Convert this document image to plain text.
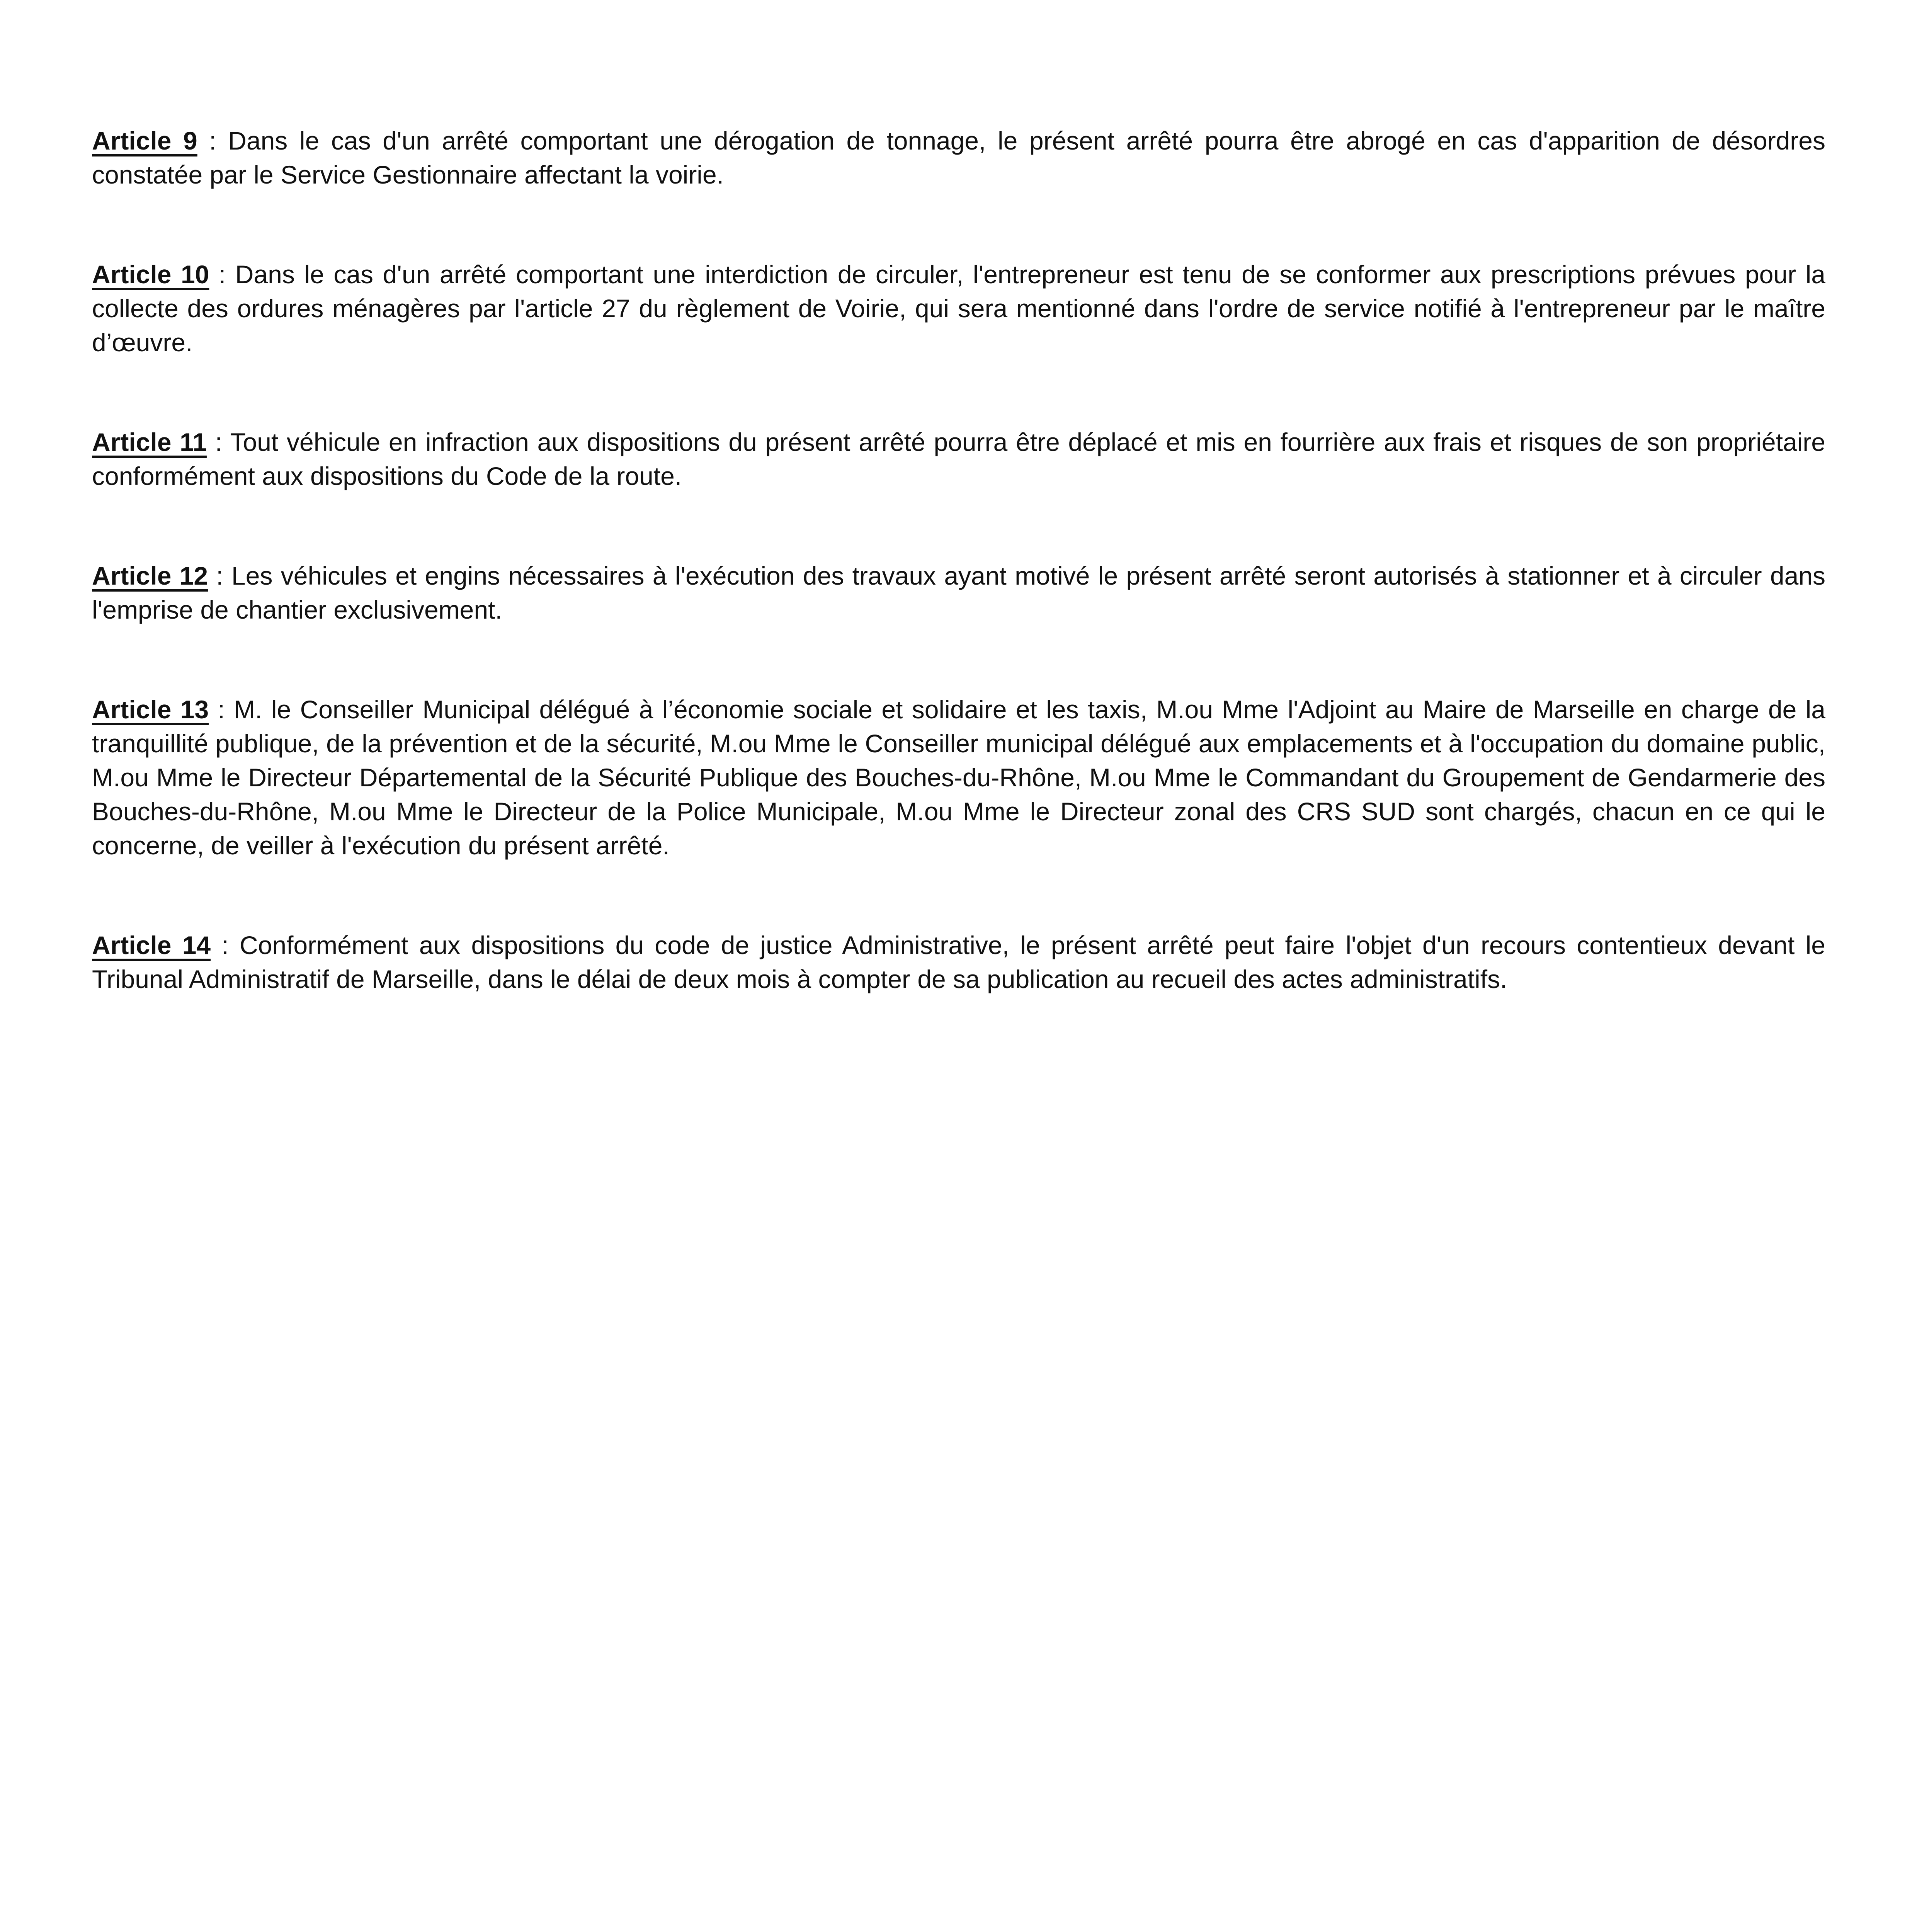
Article 9 : Dans le cas d'un arrêté comportant une dérogation de tonnage, le présent arrêté pourra être abrogé en cas d'apparition de désordres constatée par le Service Gestionnaire affectant la voirie.

Article 10 : Dans le cas d'un arrêté comportant une interdiction de circuler, l'entrepreneur est tenu de se conformer aux prescriptions prévues pour la collecte des ordures ménagères par l'article 27 du règlement de Voirie, qui sera mentionné dans l'ordre de service notifié à l'entrepreneur par le maître d’œuvre.

Article 11 : Tout véhicule en infraction aux dispositions du présent arrêté pourra être déplacé et mis en fourrière aux frais et risques de son propriétaire conformément aux dispositions du Code de la route.

Article 12 : Les véhicules et engins nécessaires à l'exécution des travaux ayant motivé le présent arrêté seront autorisés à stationner et à circuler dans l'emprise de chantier exclusivement.

Article 13 : M. le Conseiller Municipal délégué à l’économie sociale et solidaire et les taxis, M.ou Mme l'Adjoint au Maire de Marseille en charge de la tranquillité publique, de la prévention et de la sécurité, M.ou Mme le Conseiller municipal délégué aux emplacements et à l'occupation du domaine public, M.ou Mme le Directeur Départemental de la Sécurité Publique des Bouches-du-Rhône, M.ou Mme le Commandant du Groupement de Gendarmerie des Bouches-du-Rhône, M.ou Mme le Directeur de la Police Municipale, M.ou Mme le Directeur zonal des CRS SUD sont chargés, chacun en ce qui le concerne, de veiller à l'exécution du présent arrêté.

Article 14 : Conformément aux dispositions du code de justice Administrative, le présent arrêté peut faire l'objet d'un recours contentieux devant le Tribunal Administratif de Marseille, dans le délai de deux mois à compter de sa publication au recueil des actes administratifs.
